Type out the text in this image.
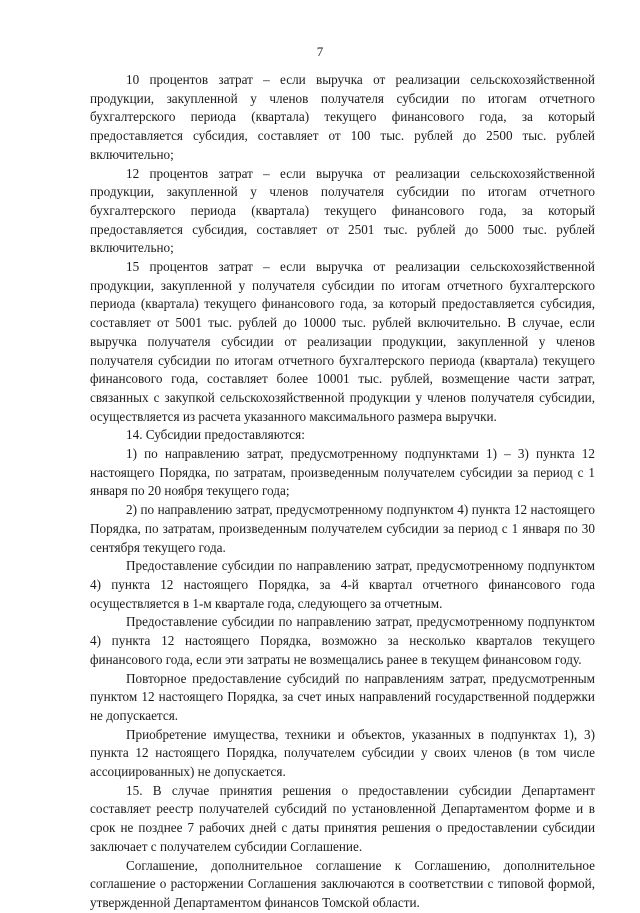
7

10 процентов затрат – если выручка от реализации сельскохозяйственной продукции, закупленной у членов получателя субсидии по итогам отчетного бухгалтерского периода (квартала) текущего финансового года, за который предоставляется субсидия, составляет от 100 тыс. рублей до 2500 тыс. рублей включительно;

12 процентов затрат – если выручка от реализации сельскохозяйственной продукции, закупленной у членов получателя субсидии по итогам отчетного бухгалтерского периода (квартала) текущего финансового года, за который предоставляется субсидия, составляет от 2501 тыс. рублей до 5000 тыс. рублей включительно;

15 процентов затрат – если выручка от реализации сельскохозяйственной продукции, закупленной у получателя субсидии по итогам отчетного бухгалтерского периода (квартала) текущего финансового года, за который предоставляется субсидия, составляет от 5001 тыс. рублей до 10000 тыс. рублей включительно. В случае, если выручка получателя субсидии от реализации продукции, закупленной у членов получателя субсидии по итогам отчетного бухгалтерского периода (квартала) текущего финансового года, составляет более 10001 тыс. рублей, возмещение части затрат, связанных с закупкой сельскохозяйственной продукции у членов получателя субсидии, осуществляется из расчета указанного максимального размера выручки.

14. Субсидии предоставляются:

1) по направлению затрат, предусмотренному подпунктами 1) – 3) пункта 12 настоящего Порядка, по затратам, произведенным получателем субсидии за период с 1 января по 20 ноября текущего года;

2) по направлению затрат, предусмотренному подпунктом 4) пункта 12 настоящего Порядка, по затратам, произведенным получателем субсидии за период с 1 января по 30 сентября текущего года.

Предоставление субсидии по направлению затрат, предусмотренному подпунктом 4) пункта 12 настоящего Порядка, за 4-й квартал отчетного финансового года осуществляется в 1-м квартале года, следующего за отчетным.

Предоставление субсидии по направлению затрат, предусмотренному подпунктом 4) пункта 12 настоящего Порядка, возможно за несколько кварталов текущего финансового года, если эти затраты не возмещались ранее в текущем финансовом году.

Повторное предоставление субсидий по направлениям затрат, предусмотренным пунктом 12 настоящего Порядка, за счет иных направлений государственной поддержки не допускается.

Приобретение имущества, техники и объектов, указанных в подпунктах 1), 3) пункта 12 настоящего Порядка, получателем субсидии у своих членов (в том числе ассоциированных) не допускается.

15. В случае принятия решения о предоставлении субсидии Департамент составляет реестр получателей субсидий по установленной Департаментом форме и в срок не позднее 7 рабочих дней с даты принятия решения о предоставлении субсидии заключает с получателем субсидии Соглашение.

Соглашение, дополнительное соглашение к Соглашению, дополнительное соглашение о расторжении Соглашения заключаются в соответствии с типовой формой, утвержденной Департаментом финансов Томской области.
